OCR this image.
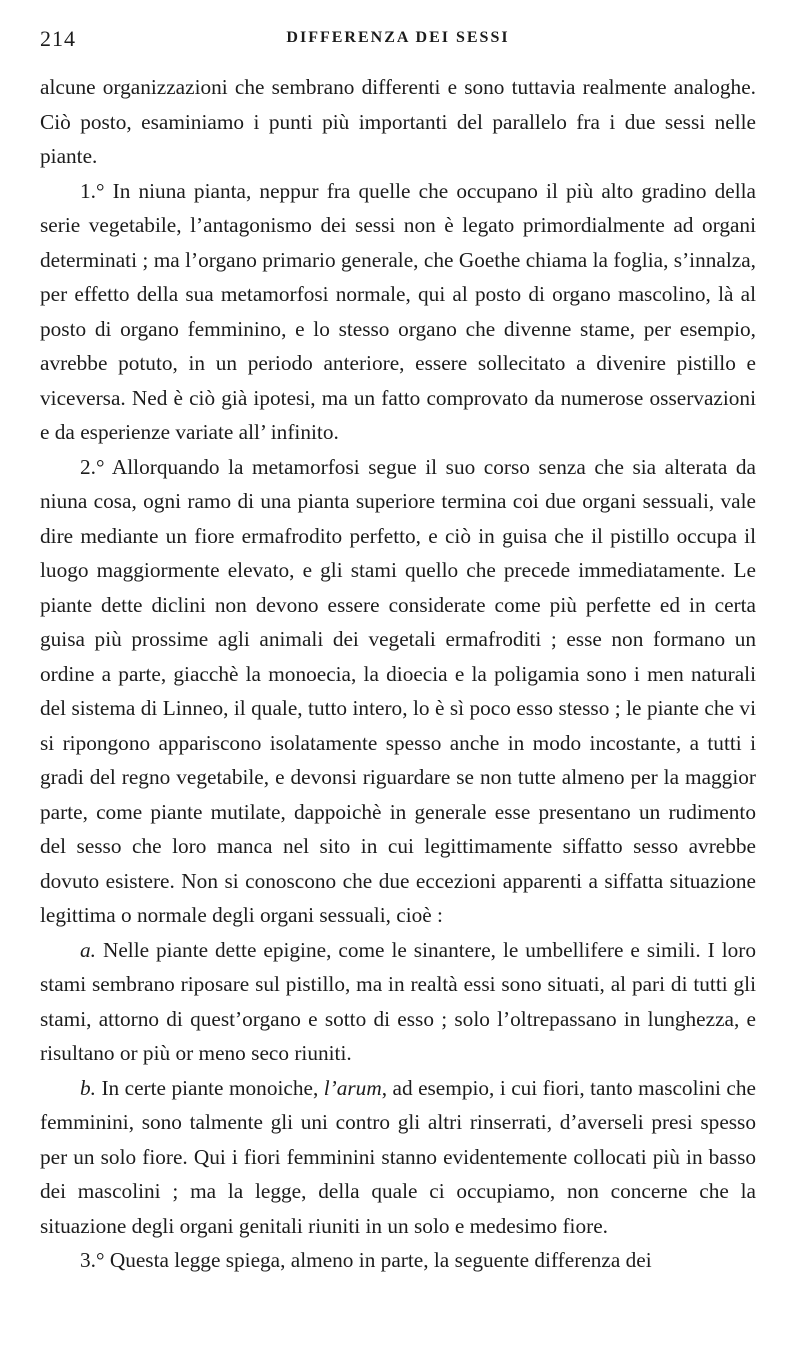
214	DIFFERENZA DEI SESSI

alcune organizzazioni che sembrano differenti e sono tuttavia realmente analoghe. Ciò posto, esaminiamo i punti più importanti del parallelo fra i due sessi nelle piante.

1.° In niuna pianta, neppur fra quelle che occupano il più alto gradino della serie vegetabile, l’antagonismo dei sessi non è legato primordialmente ad organi determinati ; ma l’organo primario generale, che Goethe chiama la foglia, s’innalza, per effetto della sua metamorfosi normale, qui al posto di organo mascolino, là al posto di organo femminino, e lo stesso organo che divenne stame, per esempio, avrebbe potuto, in un periodo anteriore, essere sollecitato a divenire pistillo e viceversa. Ned è ciò già ipotesi, ma un fatto comprovato da numerose osservazioni e da esperienze variate all’ infinito.

2.° Allorquando la metamorfosi segue il suo corso senza che sia alterata da niuna cosa, ogni ramo di una pianta superiore termina coi due organi sessuali, vale dire mediante un fiore ermafrodito perfetto, e ciò in guisa che il pistillo occupa il luogo maggiormente elevato, e gli stami quello che precede immediatamente. Le piante dette diclini non devono essere considerate come più perfette ed in certa guisa più prossime agli animali dei vegetali ermafroditi ; esse non formano un ordine a parte, giacchè la monoecia, la dioecia e la poligamia sono i men naturali del sistema di Linneo, il quale, tutto intero, lo è sì poco esso stesso ; le piante che vi si ripongono appariscono isolatamente spesso anche in modo incostante, a tutti i gradi del regno vegetabile, e devonsi riguardare se non tutte almeno per la maggior parte, come piante mutilate, dappoichè in generale esse presentano un rudimento del sesso che loro manca nel sito in cui legittimamente siffatto sesso avrebbe dovuto esistere. Non si conoscono che due eccezioni apparenti a siffatta situazione legittima o normale degli organi sessuali, cioè :

a. Nelle piante dette epigine, come le sinantere, le umbellifere e simili. I loro stami sembrano riposare sul pistillo, ma in realtà essi sono situati, al pari di tutti gli stami, attorno di quest’organo e sotto di esso ; solo l’oltrepassano in lunghezza, e risultano or più or meno seco riuniti.

b. In certe piante monoiche, l’arum, ad esempio, i cui fiori, tanto mascolini che femminini, sono talmente gli uni contro gli altri rinserrati, d’averseli presi spesso per un solo fiore. Qui i fiori femminini stanno evidentemente collocati più in basso dei mascolini ; ma la legge, della quale ci occupiamo, non concerne che la situazione degli organi genitali riuniti in un solo e medesimo fiore.

3.° Questa legge spiega, almeno in parte, la seguente differenza dei
